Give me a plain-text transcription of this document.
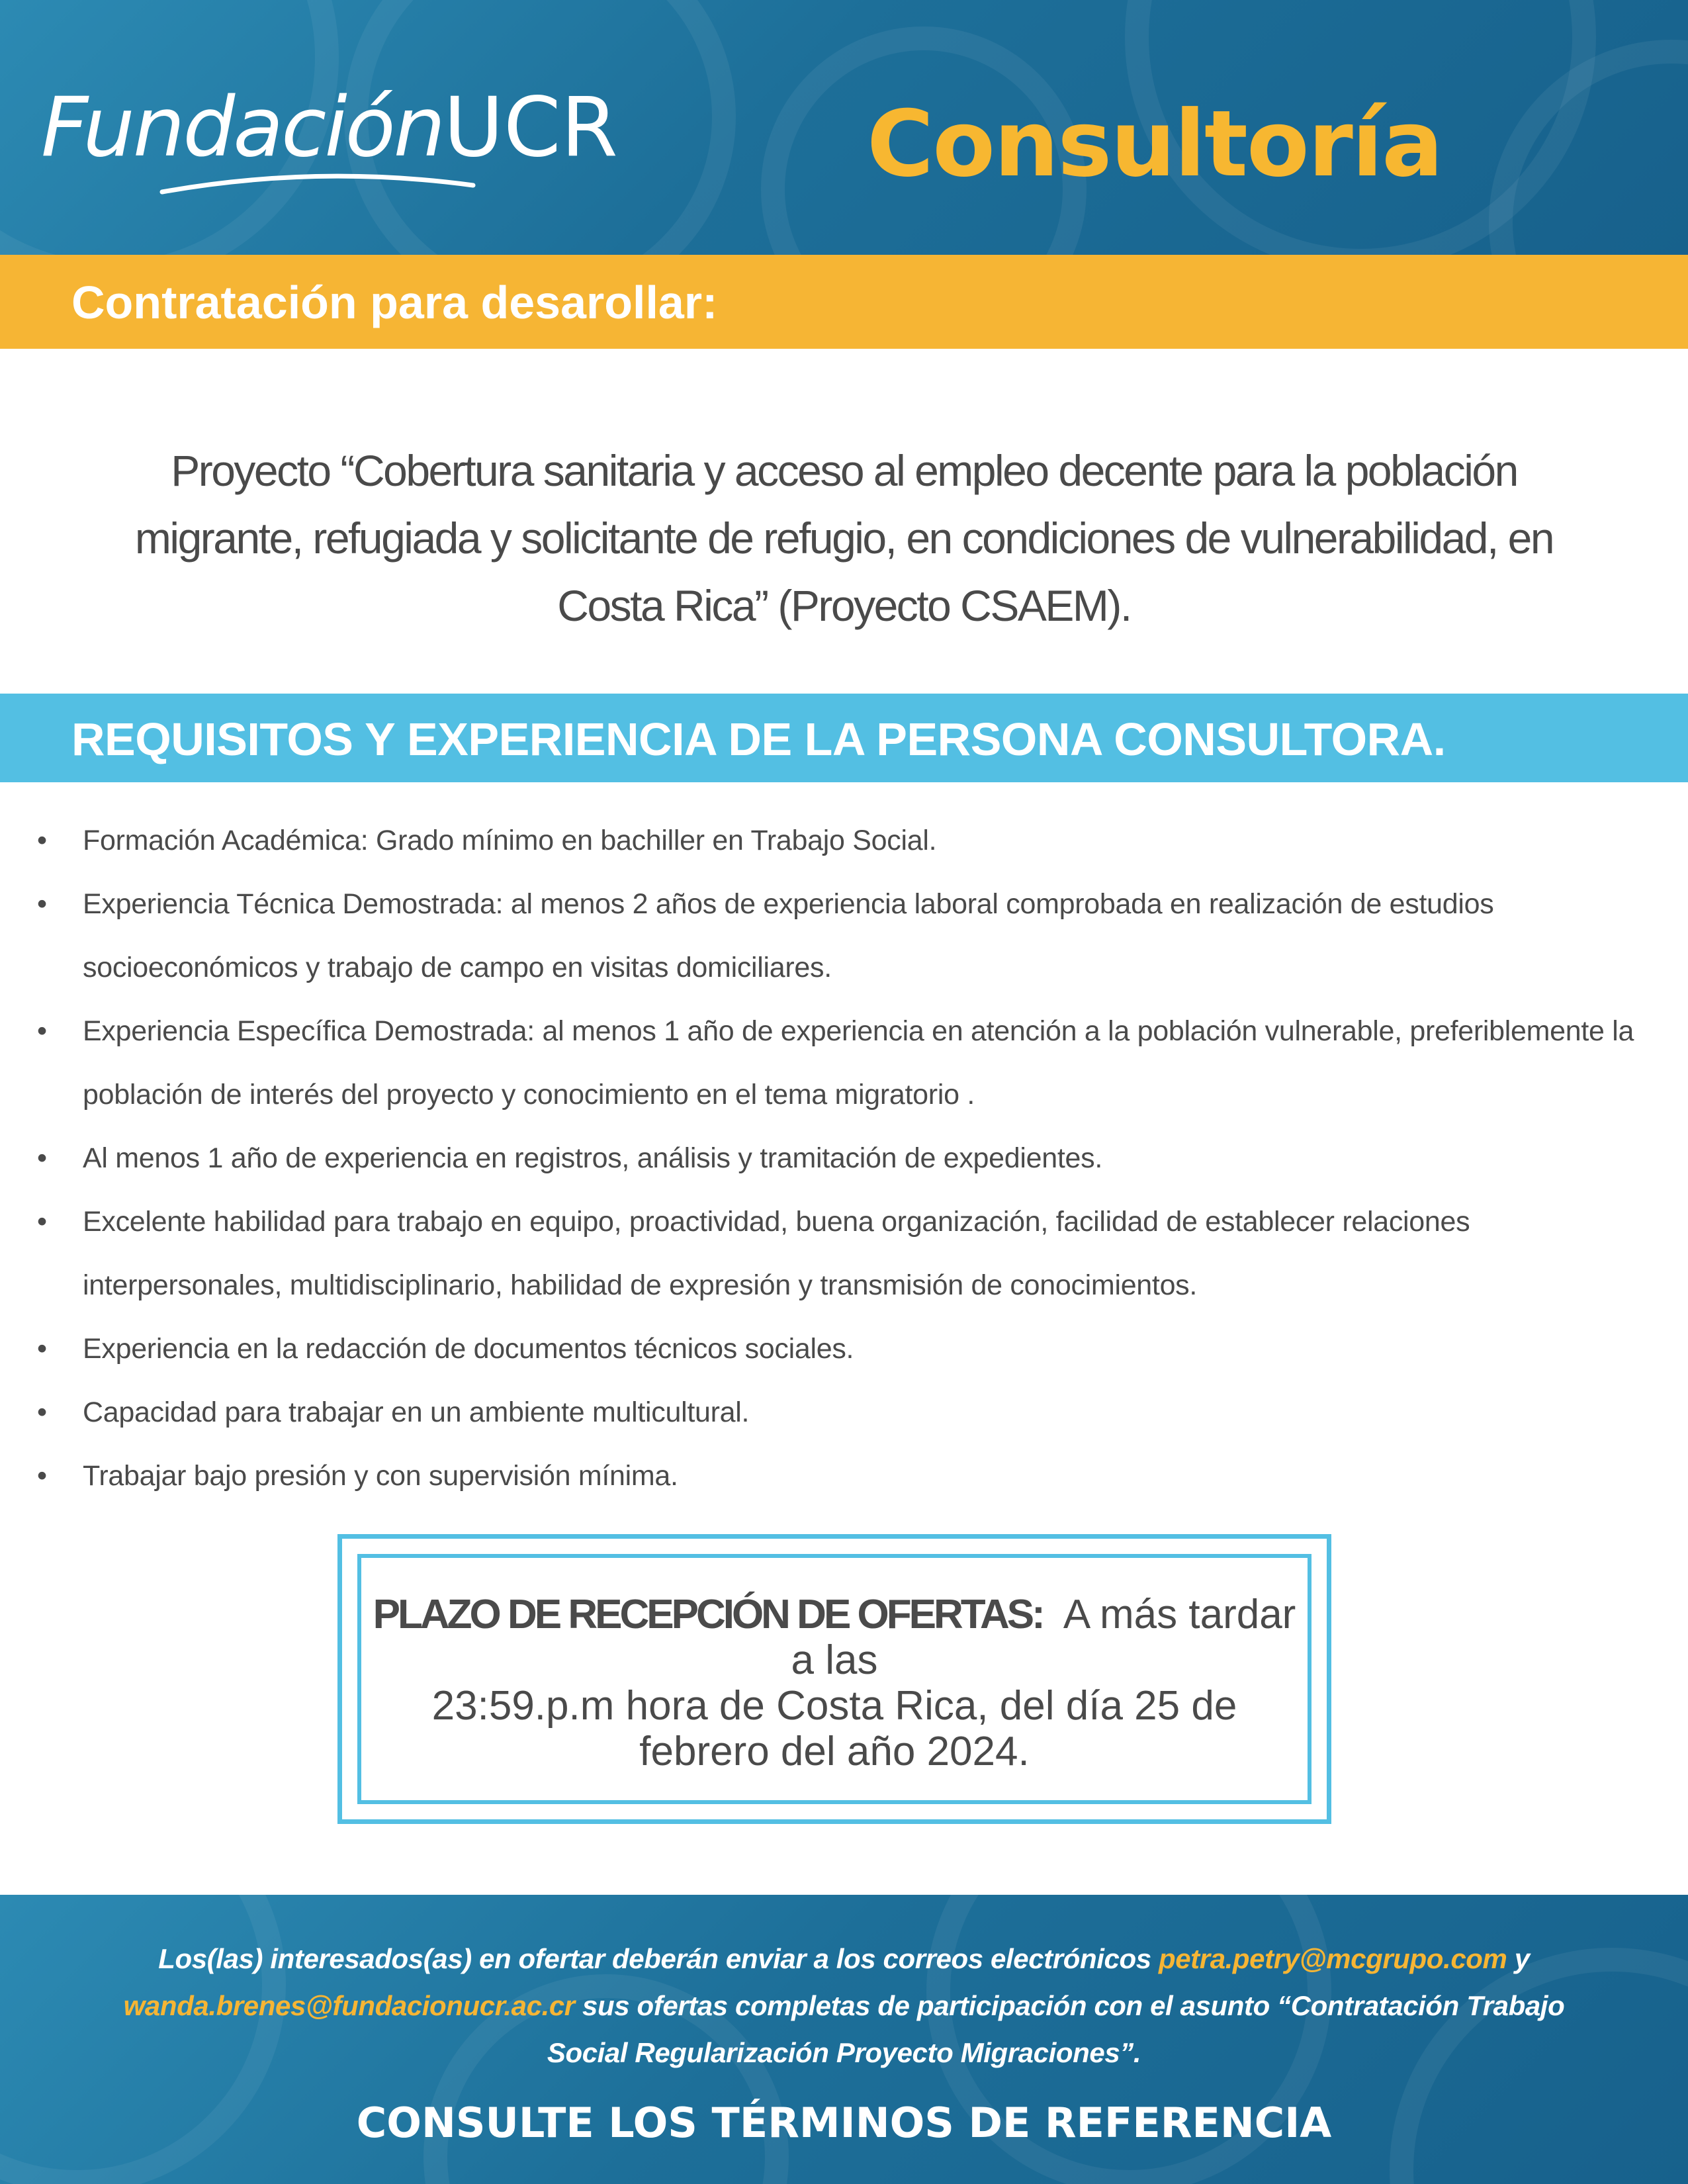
FundaciónUCR	Consultoría
Contratación para desarollar:
Proyecto “Cobertura sanitaria y acceso al empleo decente para la población
migrante, refugiada y solicitante de refugio, en condiciones de vulnerabilidad, en
Costa Rica” (Proyecto CSAEM).
REQUISITOS Y EXPERIENCIA DE LA PERSONA CONSULTORA.
• Formación Académica: Grado mínimo en bachiller en Trabajo Social.
• Experiencia Técnica Demostrada: al menos 2 años de experiencia laboral comprobada en realización de estudios socioeconómicos y trabajo de campo en visitas domiciliares.
• Experiencia Específica Demostrada: al menos 1 año de experiencia en atención a la población vulnerable, preferiblemente la población de interés del proyecto y conocimiento en el tema migratorio .
• Al menos 1 año de experiencia en registros, análisis y tramitación de expedientes.
• Excelente habilidad para trabajo en equipo, proactividad, buena organización, facilidad de establecer relaciones interpersonales, multidisciplinario, habilidad de expresión y transmisión de conocimientos.
• Experiencia en la redacción de documentos técnicos sociales.
• Capacidad para trabajar en un ambiente multicultural.
• Trabajar bajo presión y con supervisión mínima.
PLAZO DE RECEPCIÓN DE OFERTAS: A más tardar a las
23:59.p.m hora de Costa Rica, del día 25 de
febrero del año 2024.
Los(las) interesados(as) en ofertar deberán enviar a los correos electrónicos petra.petry@mcgrupo.com y
wanda.brenes@fundacionucr.ac.cr sus ofertas completas de participación con el asunto “Contratación Trabajo
Social Regularización Proyecto Migraciones”.
CONSULTE LOS TÉRMINOS DE REFERENCIA
